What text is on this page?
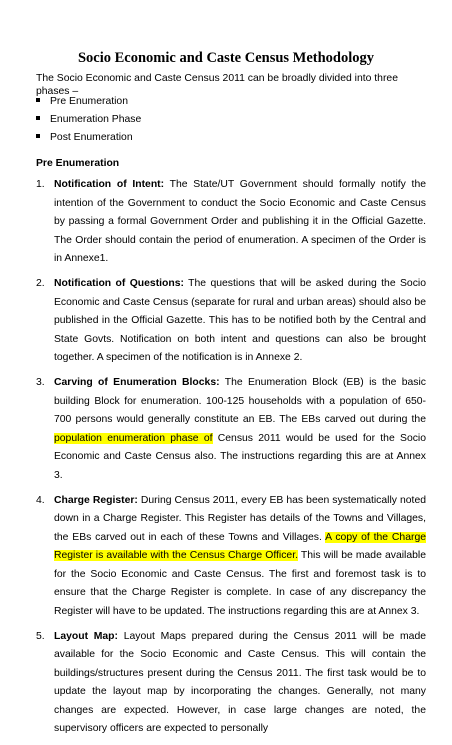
Socio Economic and Caste Census Methodology
The Socio Economic and Caste Census 2011 can be broadly divided into three phases –
Pre Enumeration
Enumeration Phase
Post Enumeration
Pre Enumeration
1. Notification of Intent: The State/UT Government should formally notify the intention of the Government to conduct the Socio Economic and Caste Census by passing a formal Government Order and publishing it in the Official Gazette. The Order should contain the period of enumeration. A specimen of the Order is in Annexe1.
2. Notification of Questions: The questions that will be asked during the Socio Economic and Caste Census (separate for rural and urban areas) should also be published in the Official Gazette. This has to be notified both by the Central and State Govts. Notification on both intent and questions can also be brought together. A specimen of the notification is in Annexe 2.
3. Carving of Enumeration Blocks: The Enumeration Block (EB) is the basic building Block for enumeration. 100-125 households with a population of 650-700 persons would generally constitute an EB. The EBs carved out during the population enumeration phase of Census 2011 would be used for the Socio Economic and Caste Census also. The instructions regarding this are at Annex 3.
4. Charge Register: During Census 2011, every EB has been systematically noted down in a Charge Register. This Register has details of the Towns and Villages, the EBs carved out in each of these Towns and Villages. A copy of the Charge Register is available with the Census Charge Officer. This will be made available for the Socio Economic and Caste Census. The first and foremost task is to ensure that the Charge Register is complete. In case of any discrepancy the Register will have to be updated. The instructions regarding this are at Annex 3.
5. Layout Map: Layout Maps prepared during the Census 2011 will be made available for the Socio Economic and Caste Census. This will contain the buildings/structures present during the Census 2011. The first task would be to update the layout map by incorporating the changes. Generally, not many changes are expected. However, in case large changes are noted, the supervisory officers are expected to personally
